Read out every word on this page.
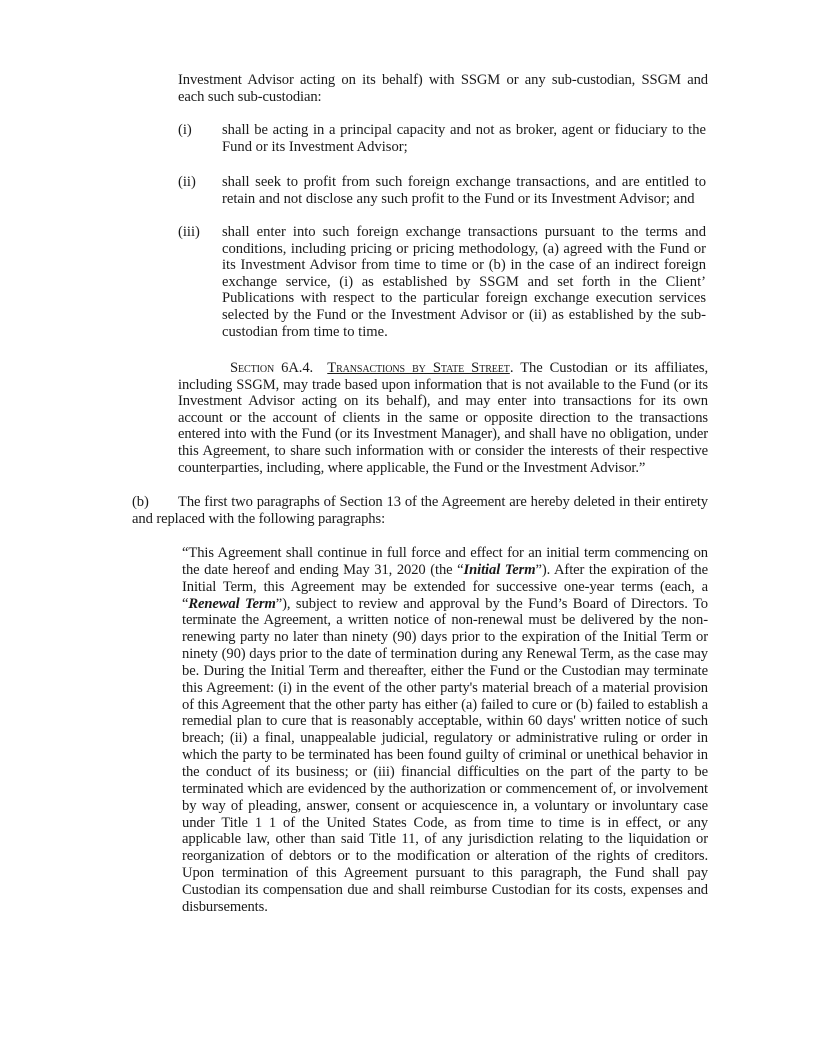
Investment Advisor acting on its behalf) with SSGM or any sub-custodian, SSGM and
each such sub-custodian:
(i) shall be acting in a principal capacity and not as broker, agent or fiduciary to the Fund or its Investment Advisor;
(ii) shall seek to profit from such foreign exchange transactions, and are entitled to retain and not disclose any such profit to the Fund or its Investment Advisor; and
(iii) shall enter into such foreign exchange transactions pursuant to the terms and conditions, including pricing or pricing methodology, (a) agreed with the Fund or its Investment Advisor from time to time or (b) in the case of an indirect foreign exchange service, (i) as established by SSGM and set forth in the Client’ Publications with respect to the particular foreign exchange execution services selected by the Fund or the Investment Advisor or (ii) as established by the sub-custodian from time to time.
Section 6A.4. Transactions by State Street. The Custodian or its affiliates, including SSGM, may trade based upon information that is not available to the Fund (or its Investment Advisor acting on its behalf), and may enter into transactions for its own account or the account of clients in the same or opposite direction to the transactions entered into with the Fund (or its Investment Manager), and shall have no obligation, under this Agreement, to share such information with or consider the interests of their respective counterparties, including, where applicable, the Fund or the Investment Advisor.”
(b) The first two paragraphs of Section 13 of the Agreement are hereby deleted in their entirety and replaced with the following paragraphs:
“This Agreement shall continue in full force and effect for an initial term commencing on the date hereof and ending May 31, 2020 (the “Initial Term”). After the expiration of the Initial Term, this Agreement may be extended for successive one-year terms (each, a “Renewal Term”), subject to review and approval by the Fund’s Board of Directors. To terminate the Agreement, a written notice of non-renewal must be delivered by the non-renewing party no later than ninety (90) days prior to the expiration of the Initial Term or ninety (90) days prior to the date of termination during any Renewal Term, as the case may be. During the Initial Term and thereafter, either the Fund or the Custodian may terminate this Agreement: (i) in the event of the other party's material breach of a material provision of this Agreement that the other party has either (a) failed to cure or (b) failed to establish a remedial plan to cure that is reasonably acceptable, within 60 days' written notice of such breach; (ii) a final, unappealable judicial, regulatory or administrative ruling or order in which the party to be terminated has been found guilty of criminal or unethical behavior in the conduct of its business; or (iii) financial difficulties on the part of the party to be terminated which are evidenced by the authorization or commencement of, or involvement by way of pleading, answer, consent or acquiescence in, a voluntary or involuntary case under Title 1 1 of the United States Code, as from time to time is in effect, or any applicable law, other than said Title 11, of any jurisdiction relating to the liquidation or reorganization of debtors or to the modification or alteration of the rights of creditors. Upon termination of this Agreement pursuant to this paragraph, the Fund shall pay Custodian its compensation due and shall reimburse Custodian for its costs, expenses and disbursements.
